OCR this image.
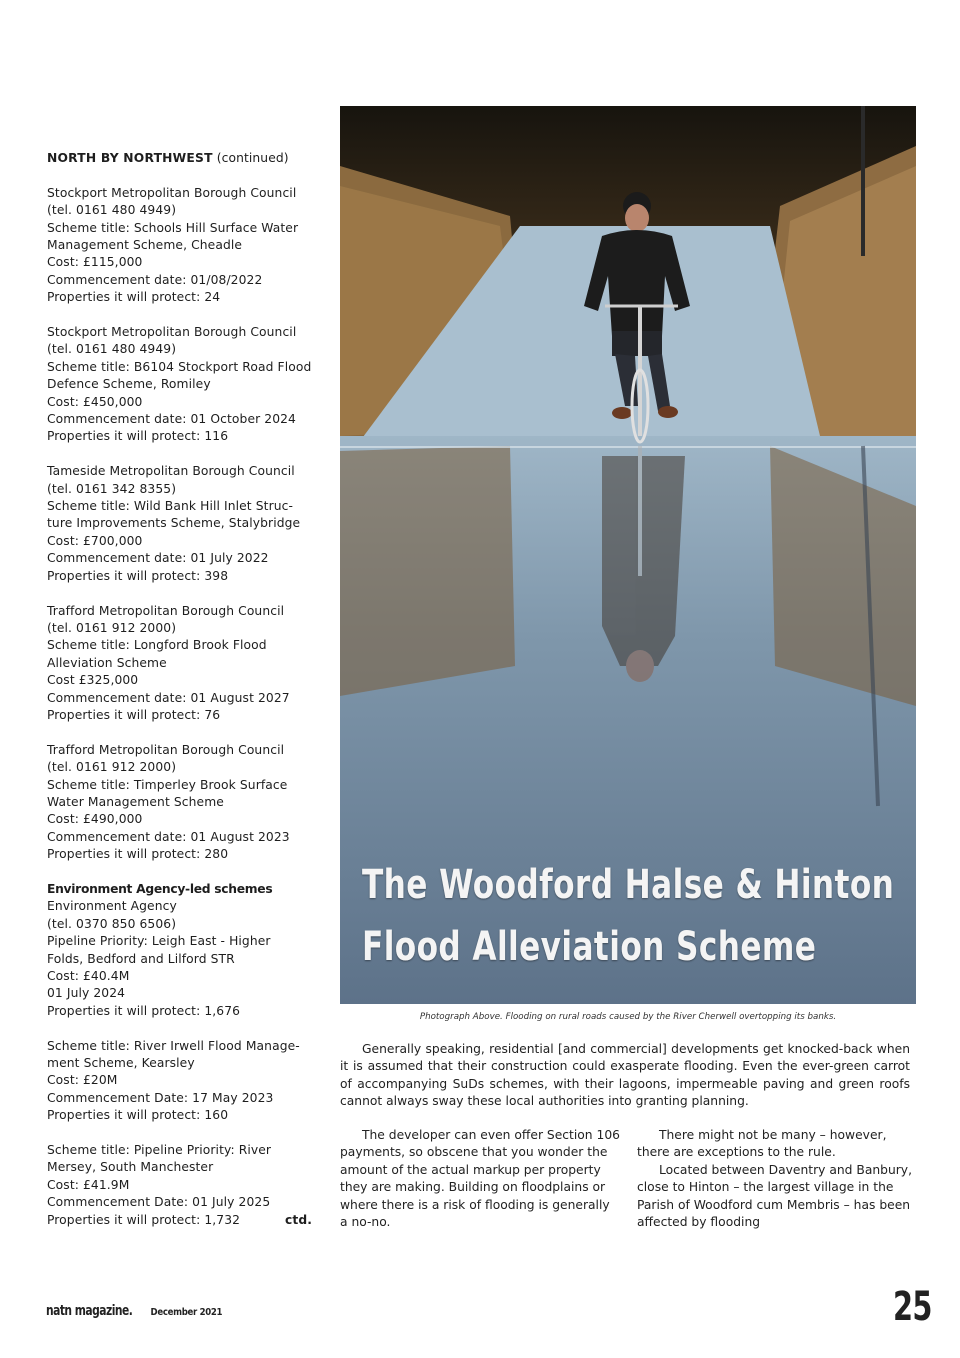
NORTH BY NORTHWEST (continued)

Stockport Metropolitan Borough Council

(tel. 0161 480 4949)

Scheme title: Schools Hill Surface Water

Management Scheme, Cheadle

Cost: £115,000

Commencement date: 01/08/2022

Properties it will protect: 24

Stockport Metropolitan Borough Council

(tel. 0161 480 4949)

Scheme title: B6104 Stockport Road Flood

Defence Scheme, Romiley

Cost: £450,000

Commencement date: 01 October 2024

Properties it will protect: 116

Tameside Metropolitan Borough Council

(tel. 0161 342 8355)

Scheme title: Wild Bank Hill Inlet Struc-

ture Improvements Scheme, Stalybridge

Cost: £700,000

Commencement date: 01 July 2022

Properties it will protect: 398

Trafford Metropolitan Borough Council

(tel. 0161 912 2000)

Scheme title: Longford Brook Flood

Alleviation Scheme

Cost £325,000

Commencement date: 01 August 2027

Properties it will protect: 76

Trafford Metropolitan Borough Council

(tel. 0161 912 2000)

Scheme title: Timperley Brook Surface

Water Management Scheme

Cost: £490,000

Commencement date: 01 August 2023

Properties it will protect: 280

Environment Agency-led schemes

Environment Agency

(tel. 0370 850 6506)

Pipeline Priority: Leigh East - Higher

Folds, Bedford and Lilford STR

Cost: £40.4M

01 July 2024

Properties it will protect: 1,676

Scheme title: River Irwell Flood Manage-

ment Scheme, Kearsley

Cost: £20M

Commencement Date: 17 May 2023

Properties it will protect: 160

Scheme title: Pipeline Priority: River

Mersey, South Manchester

Cost: £41.9M

Commencement Date: 01 July 2025

Properties it will protect: 1,732	ctd.

The Woodford Halse & Hinton
Flood Alleviation Scheme
Photograph Above. Flooding on rural roads caused by the River Cherwell overtopping its banks.

Generally speaking, residential [and commercial] developments get knocked-back when it is assumed that their construction could exasperate flooding. Even the ever-green carrot of accompanying SuDs schemes, with their lagoons, impermeable paving and green roofs cannot always sway these local authorities into granting planning.

The developer can even offer Section 106 payments, so obscene that you wonder the amount of the actual markup per property they are making. Building on floodplains or where there is a risk of flooding is generally a no-no.

There might not be many – however, there are exceptions to the rule.

Located between Daventry and Banbury, close to Hinton – the largest village in the Parish of Woodford cum Membris – has been affected by flooding

natn magazine. December 2021	25
